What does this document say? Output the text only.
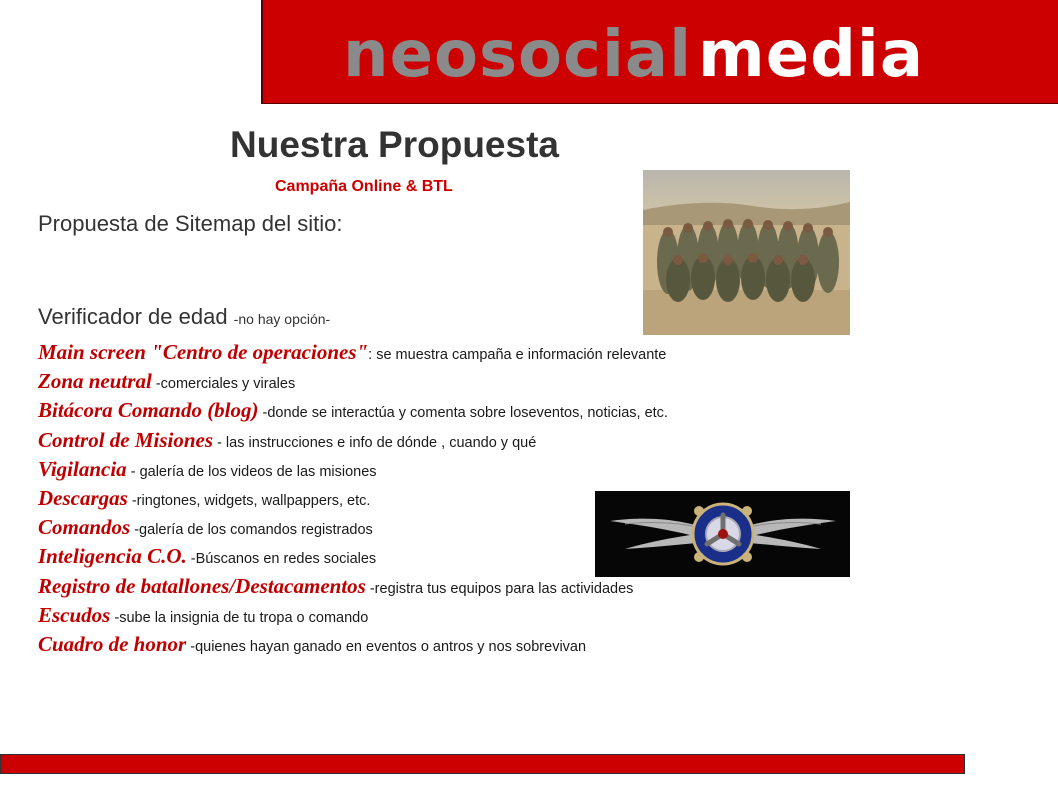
neosocialmedia
Nuestra Propuesta

Campaña Online & BTL

Propuesta de Sitemap del sitio:

Verificador de edad -no hay opción-

Main screen "Centro de operaciones": se muestra campaña e información relevante
Zona neutral -comerciales y virales
Bitácora Comando (blog) -donde se interactúa y comenta sobre loseventos, noticias, etc.
Control de Misiones - las instrucciones e info de dónde , cuando y qué
Vigilancia - galería de los videos de las misiones
Descargas -ringtones, widgets, wallpappers, etc.
Comandos -galería de los comandos registrados
Inteligencia C.O. -Búscanos en redes sociales
Registro de batallones/Destacamentos -registra tus equipos para las actividades
Escudos -sube la insignia de tu tropa o comando
Cuadro de honor -quienes hayan ganado en eventos o antros y nos sobrevivan
